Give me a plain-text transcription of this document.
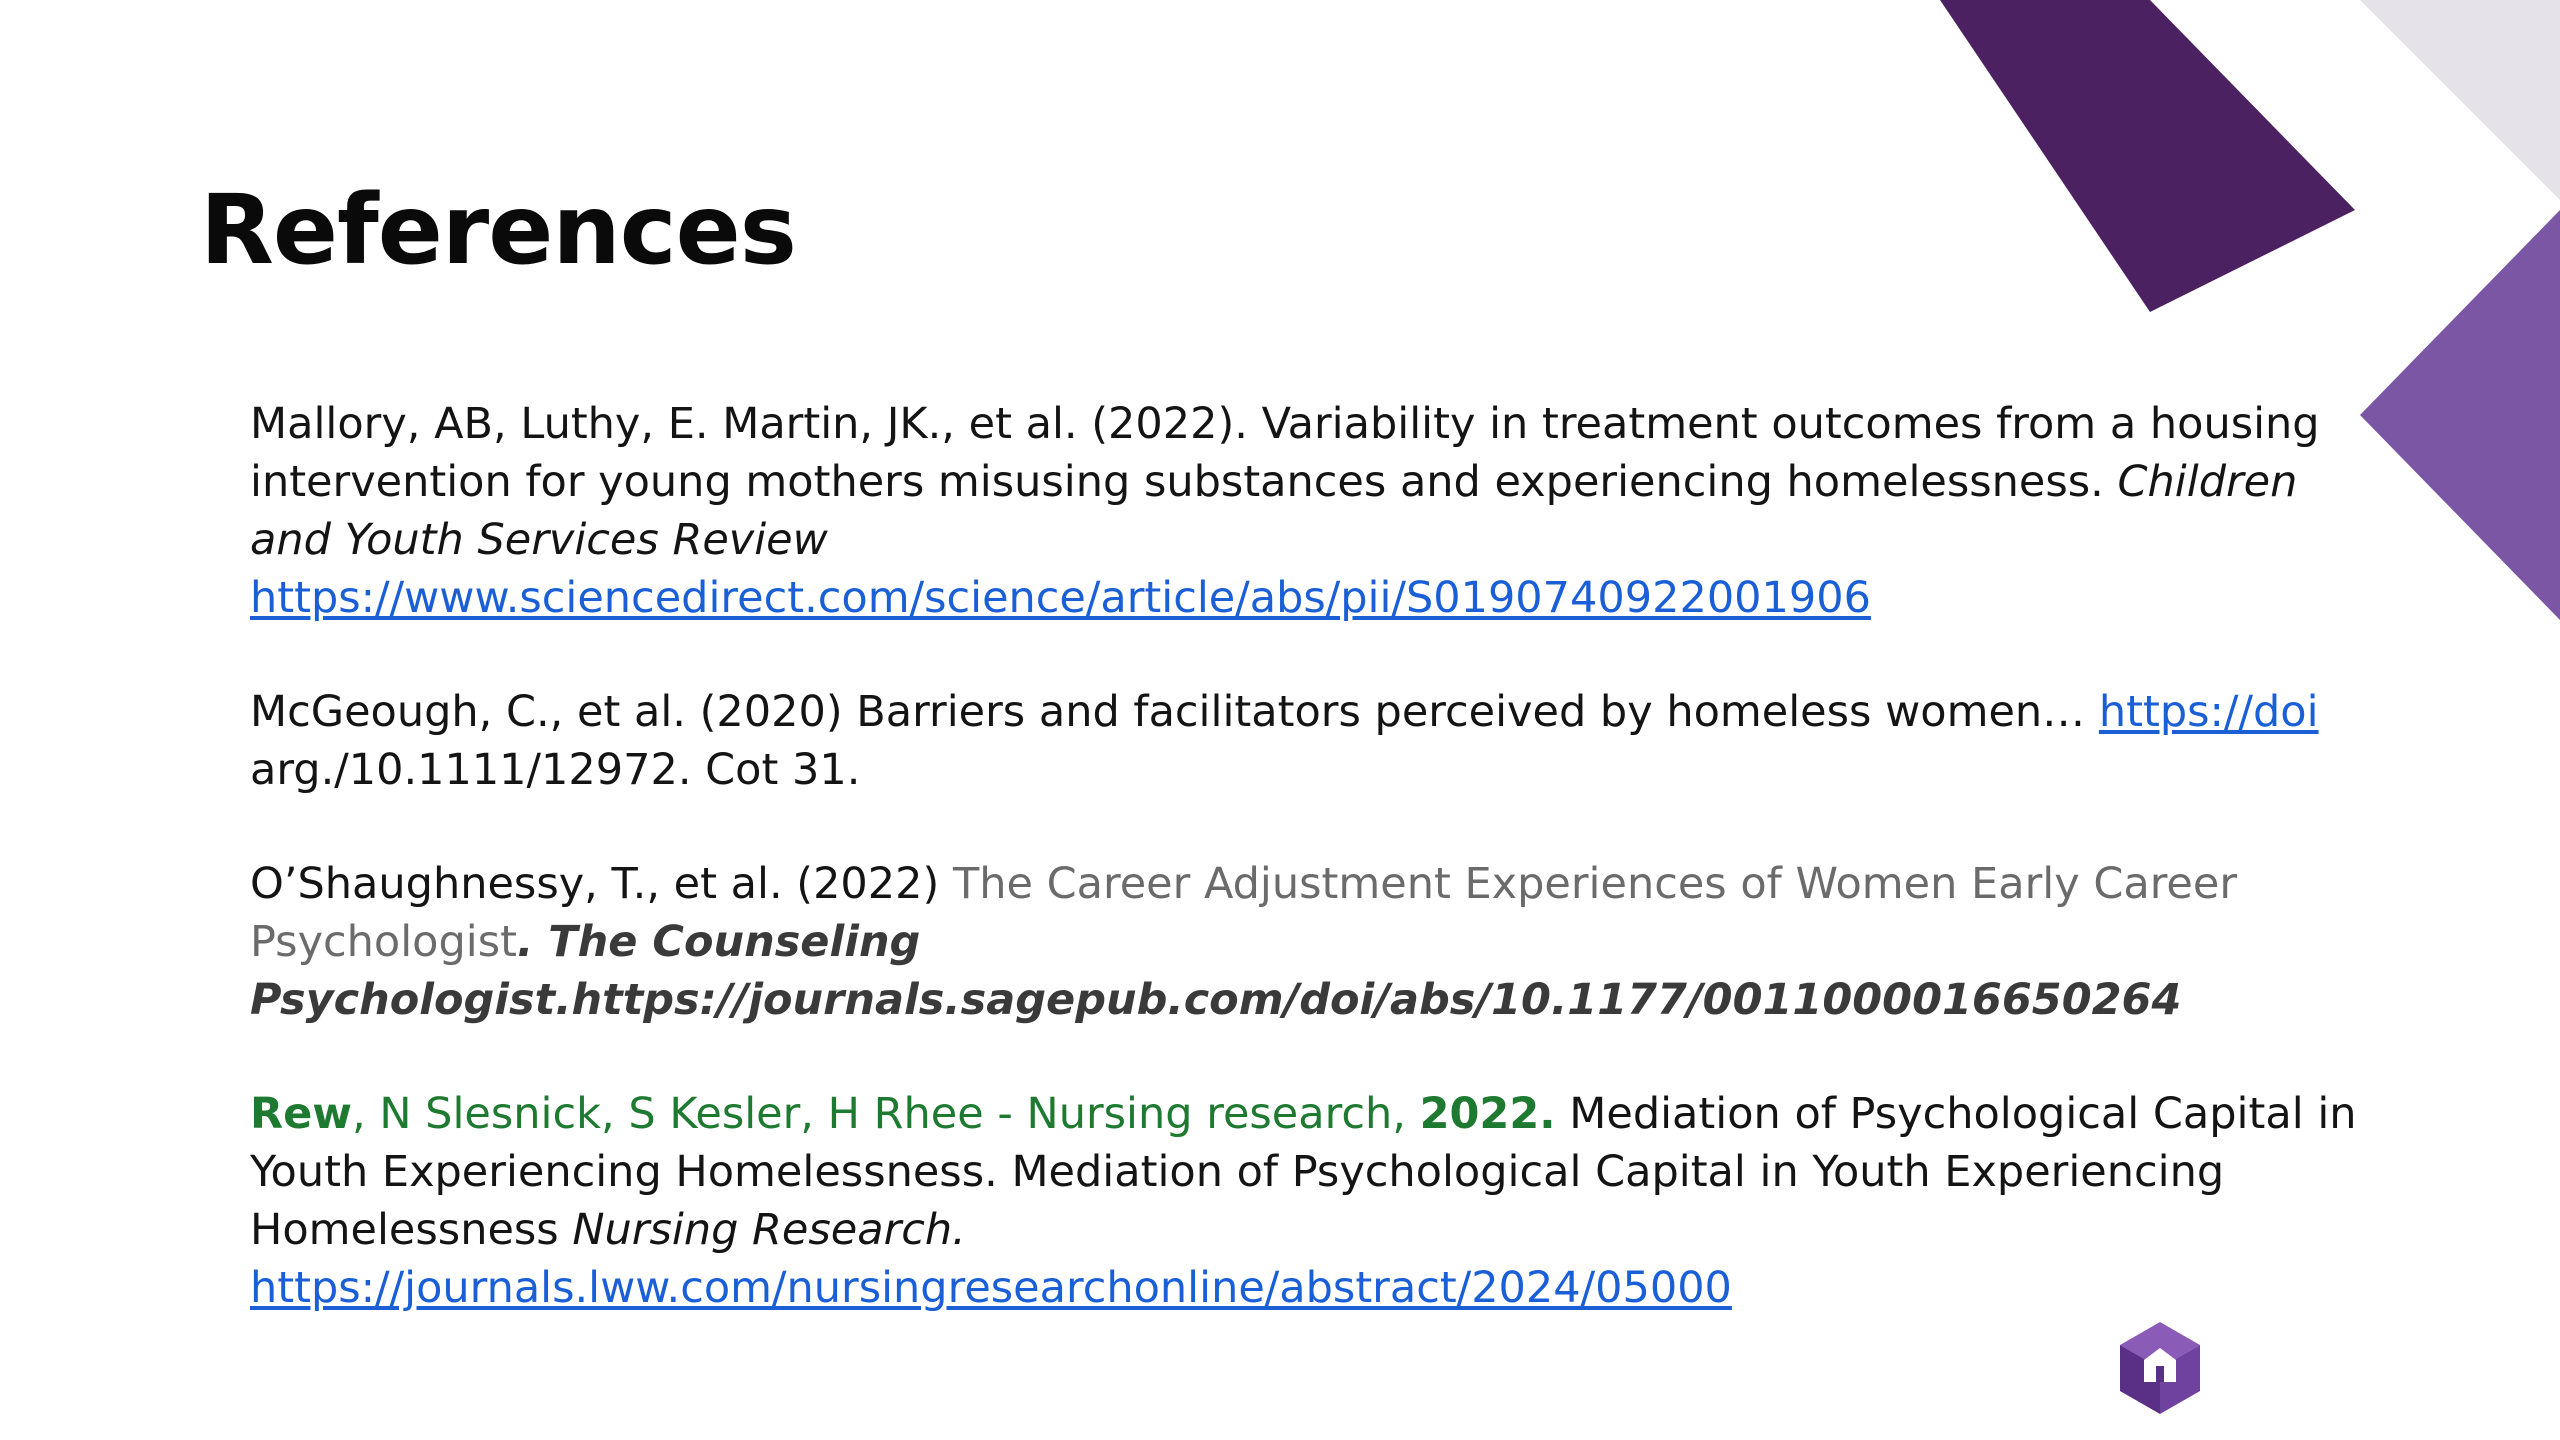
References

Mallory, AB, Luthy, E. Martin, JK., et al. (2022). Variability in treatment outcomes from a housing intervention for young mothers misusing substances and experiencing homelessness. Children and Youth Services Review
https://www.sciencedirect.com/science/article/abs/pii/S0190740922001906

McGeough, C., et al. (2020) Barriers and facilitators perceived by homeless women… https://doi
arg./10.1111/12972. Cot 31.

O’Shaughnessy, T., et al. (2022) The Career Adjustment Experiences of Women Early Career Psychologist. The Counseling Psychologist.https://journals.sagepub.com/doi/abs/10.1177/0011000016650264

Rew, N Slesnick, S Kesler, H Rhee - Nursing research, 2022. Mediation of Psychological Capital in Youth Experiencing Homelessness. Mediation of Psychological Capital in Youth Experiencing Homelessness Nursing Research.
https://journals.lww.com/nursingresearchonline/abstract/2024/05000
